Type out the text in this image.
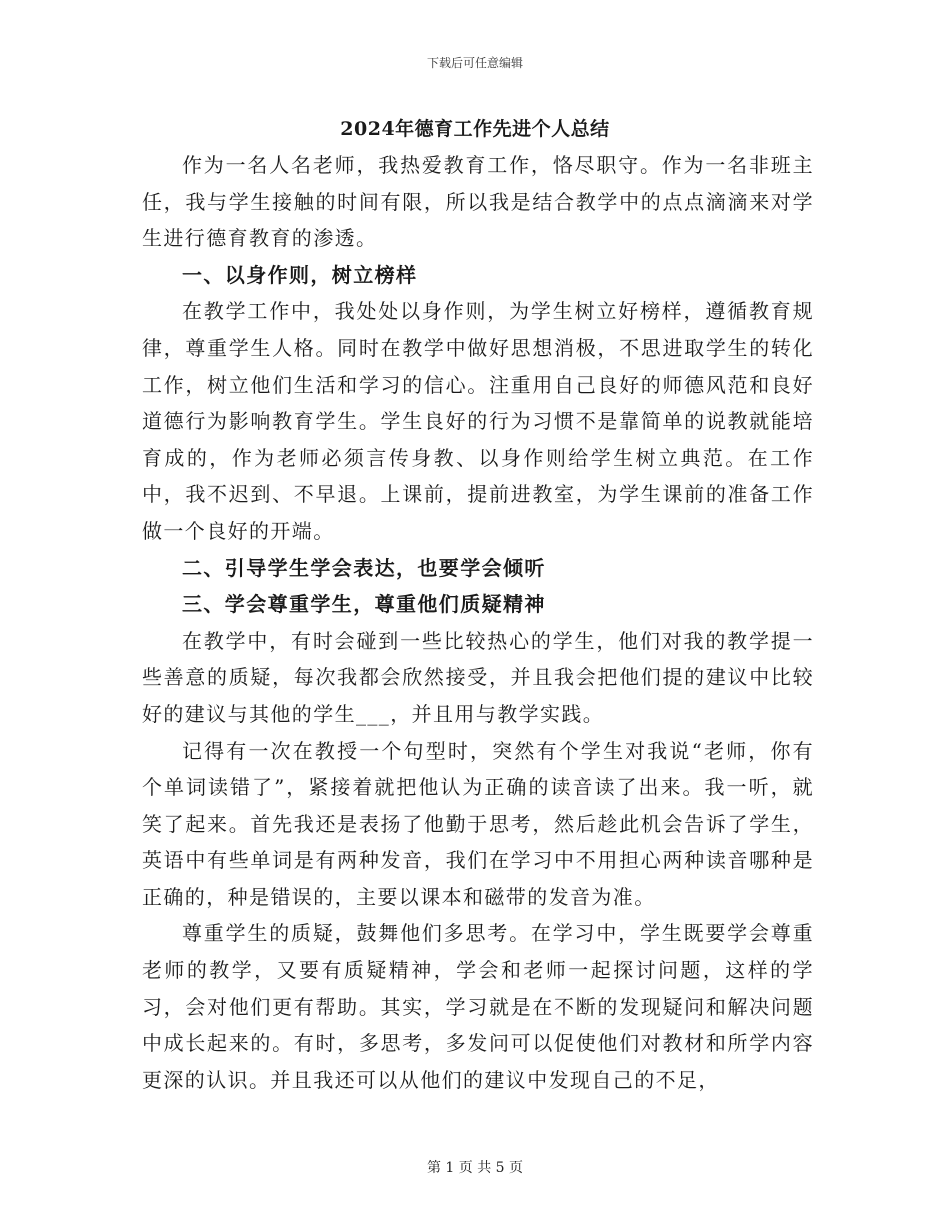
下载后可任意编辑
2024年德育工作先进个人总结

作为一名人名老师，我热爱教育工作，恪尽职守。作为一名非班主任，我与学生接触的时间有限，所以我是结合教学中的点点滴滴来对学生进行德育教育的渗透。

一、以身作则，树立榜样

在教学工作中，我处处以身作则，为学生树立好榜样，遵循教育规律，尊重学生人格。同时在教学中做好思想消极，不思进取学生的转化工作，树立他们生活和学习的信心。注重用自己良好的师德风范和良好道德行为影响教育学生。学生良好的行为习惯不是靠简单的说教就能培育成的，作为老师必须言传身教、以身作则给学生树立典范。在工作中，我不迟到、不早退。上课前，提前进教室，为学生课前的准备工作做一个良好的开端。

二、引导学生学会表达，也要学会倾听

三、学会尊重学生，尊重他们质疑精神

在教学中，有时会碰到一些比较热心的学生，他们对我的教学提一些善意的质疑，每次我都会欣然接受，并且我会把他们提的建议中比较好的建议与其他的学生___，并且用与教学实践。

记得有一次在教授一个句型时，突然有个学生对我说“老师，你有个单词读错了”，紧接着就把他认为正确的读音读了出来。我一听，就笑了起来。首先我还是表扬了他勤于思考，然后趁此机会告诉了学生，英语中有些单词是有两种发音，我们在学习中不用担心两种读音哪种是正确的，种是错误的，主要以课本和磁带的发音为准。

尊重学生的质疑，鼓舞他们多思考。在学习中，学生既要学会尊重老师的教学，又要有质疑精神，学会和老师一起探讨问题，这样的学习，会对他们更有帮助。其实，学习就是在不断的发现疑问和解决问题中成长起来的。有时，多思考，多发问可以促使他们对教材和所学内容更深的认识。并且我还可以从他们的建议中发现自己的不足，

第 1 页 共 5 页
